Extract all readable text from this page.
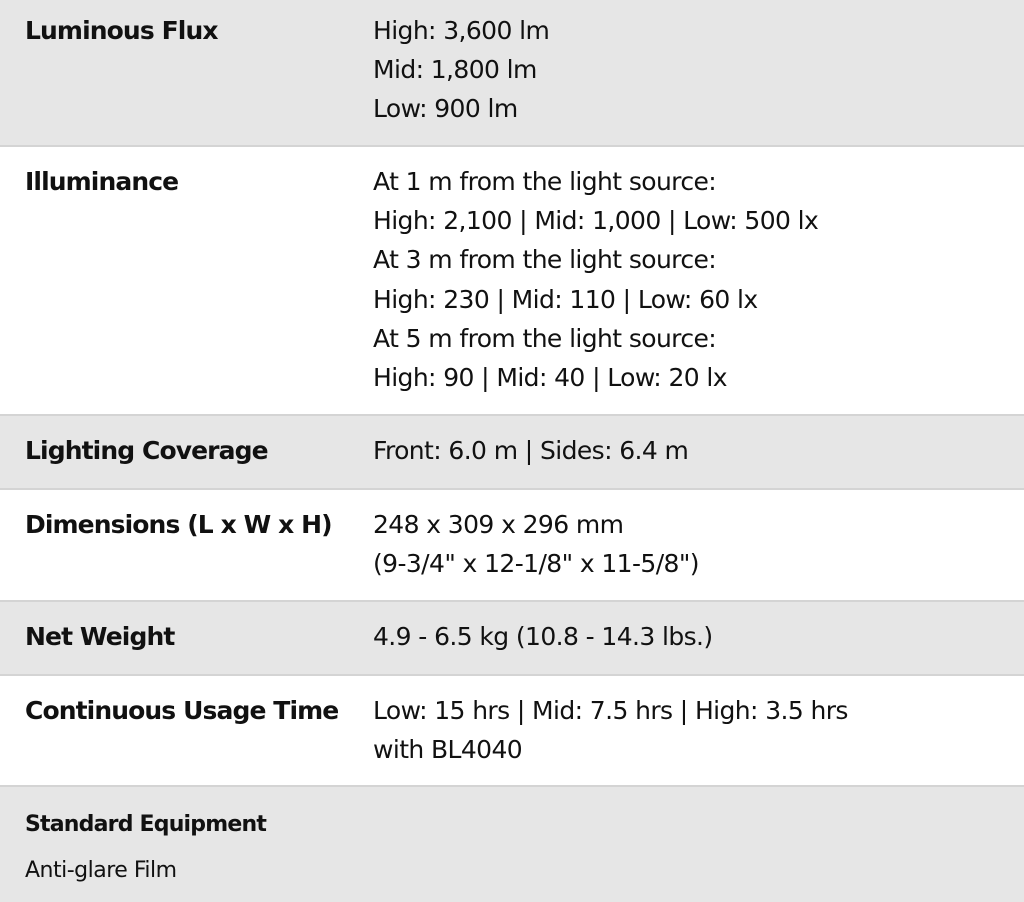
Luminous Flux	High: 3,600 lm
Mid: 1,800 lm
Low: 900 lm
Illuminance	At 1 m from the light source:
High: 2,100 | Mid: 1,000 | Low: 500 lx
At 3 m from the light source:
High: 230 | Mid: 110 | Low: 60 lx
At 5 m from the light source:
High: 90 | Mid: 40 | Low: 20 lx
Lighting Coverage	Front: 6.0 m | Sides: 6.4 m
Dimensions (L x W x H)	248 x 309 x 296 mm
(9-3/4" x 12-1/8" x 11-5/8")
Net Weight	4.9 - 6.5 kg (10.8 - 14.3 lbs.)
Continuous Usage Time	Low: 15 hrs | Mid: 7.5 hrs | High: 3.5 hrs
with BL4040
Standard Equipment
Anti-glare Film
